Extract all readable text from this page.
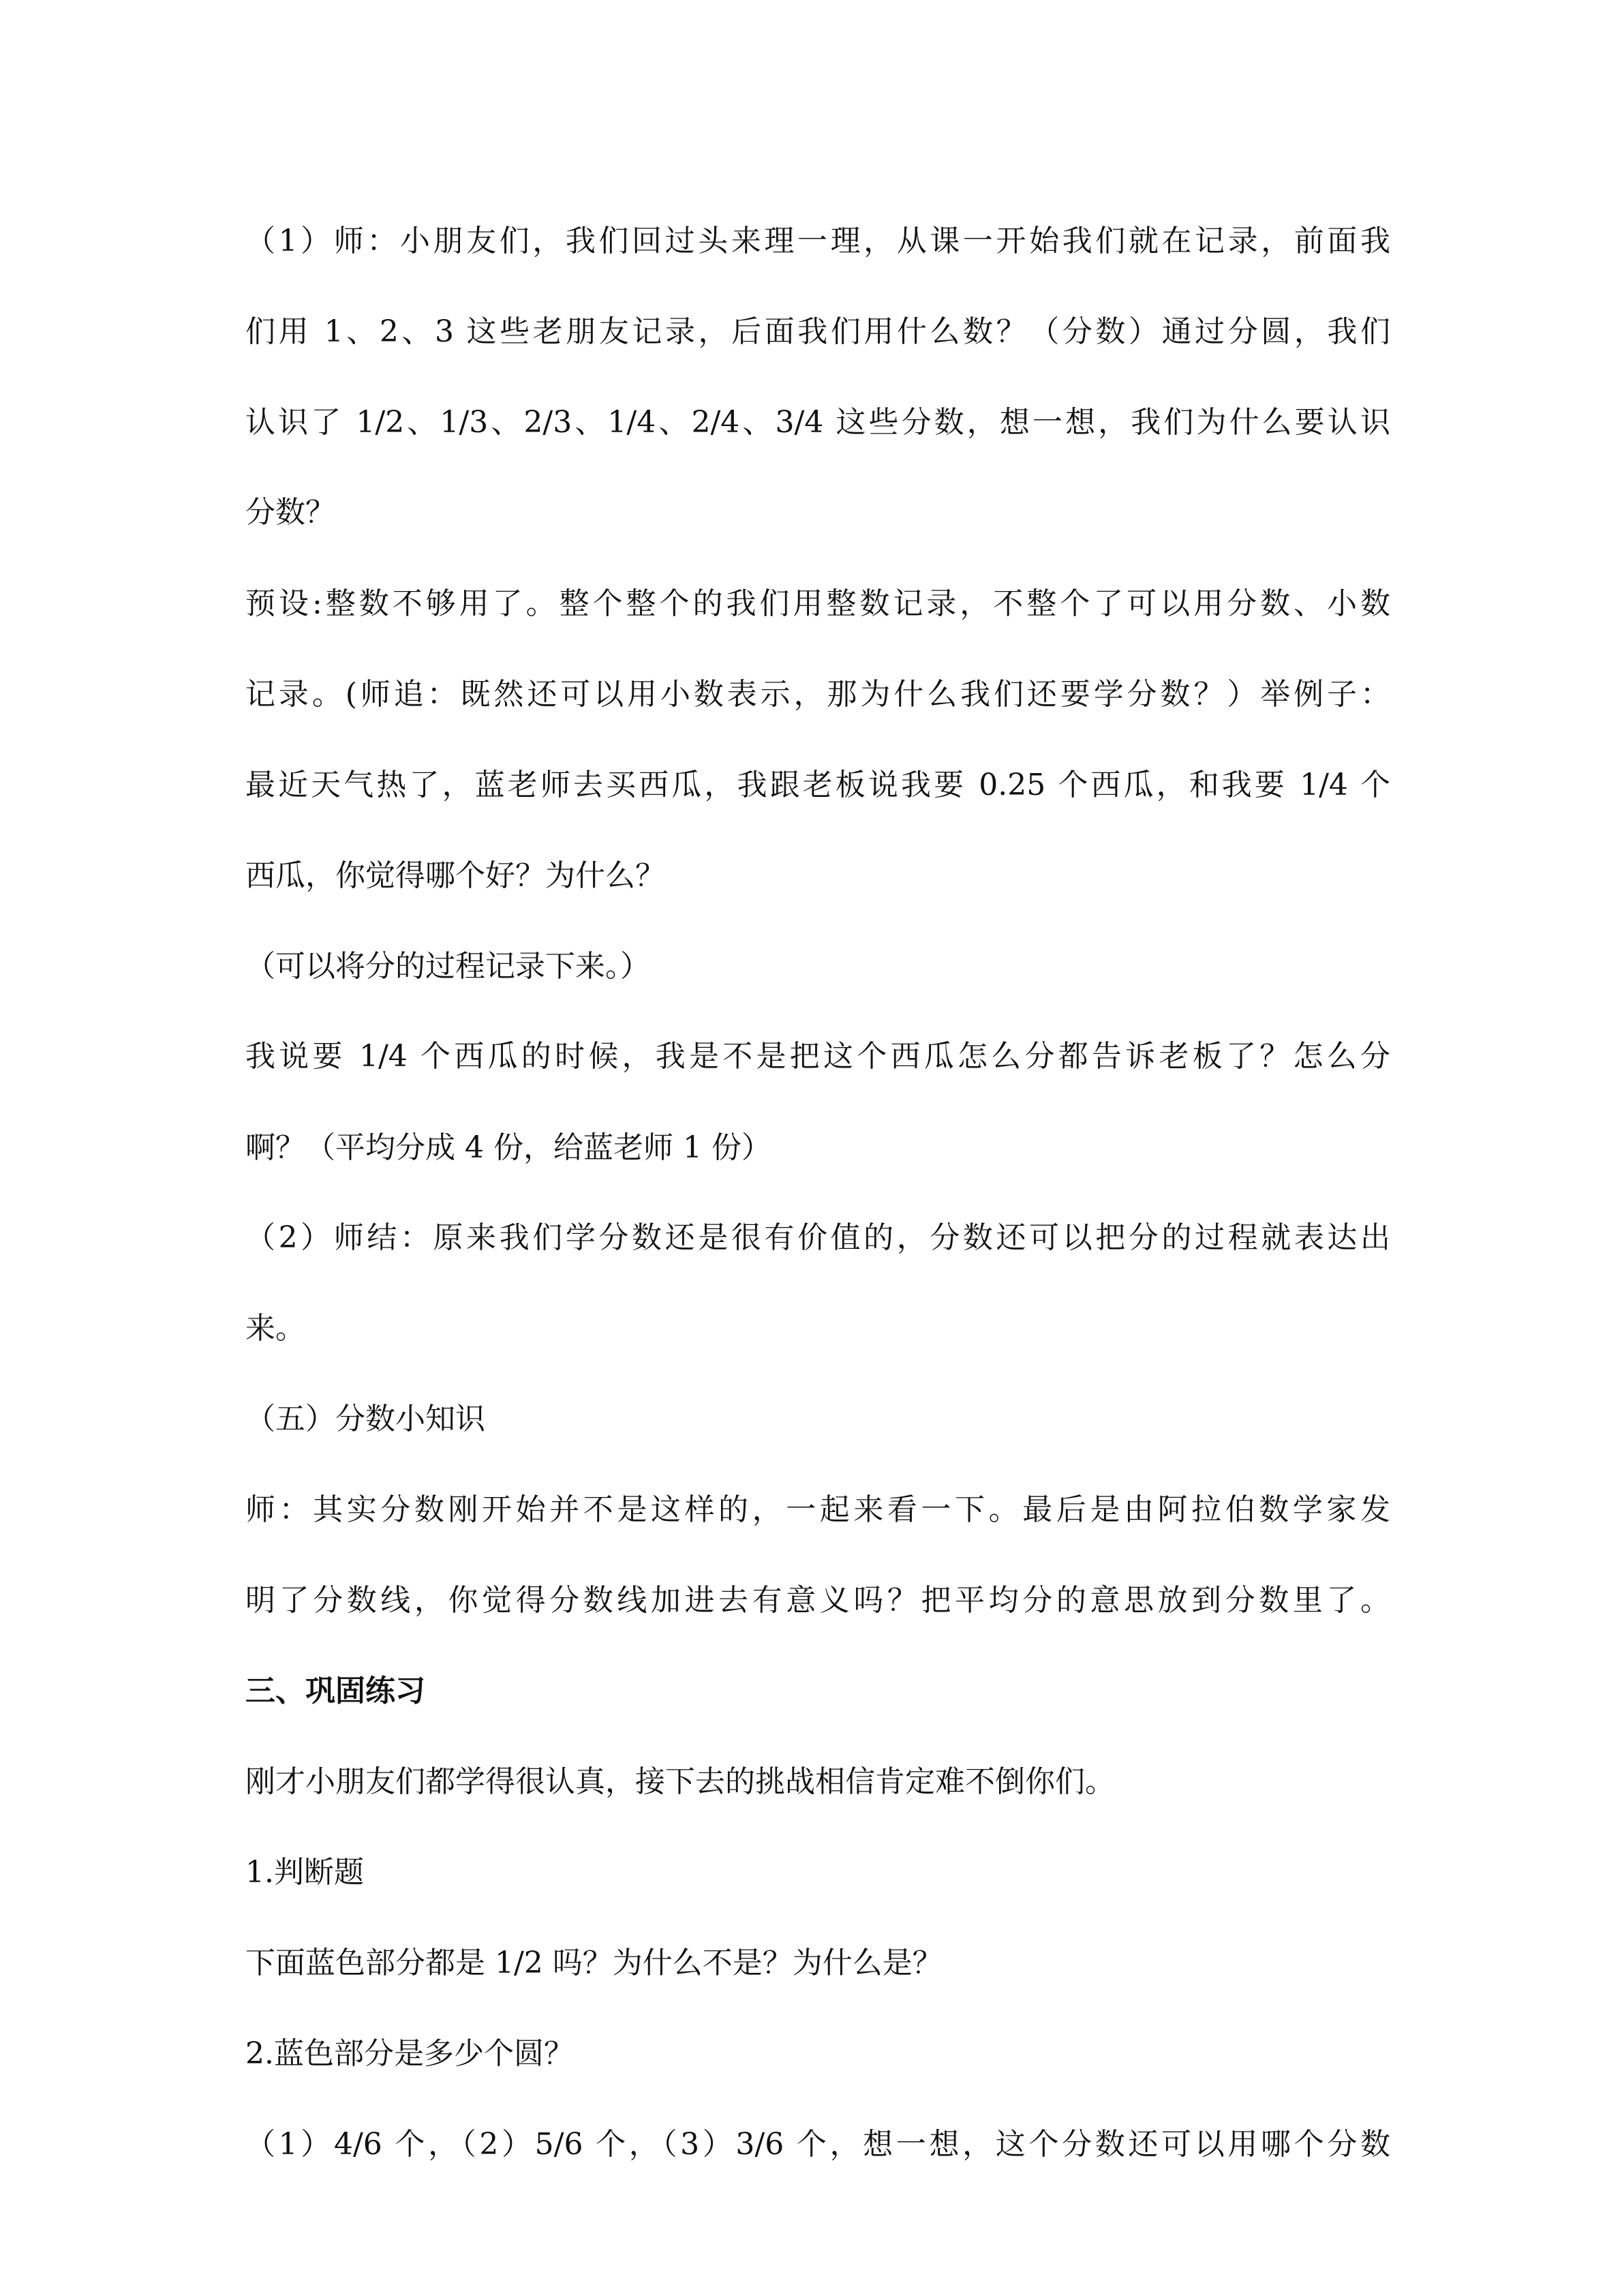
（1）师：小朋友们，我们回过头来理一理，从课一开始我们就在记录，前面我
们用 1、2、3 这些老朋友记录，后面我们用什么数？（分数）通过分圆，我们
认识了 1/2、1/3、2/3、1/4、2/4、3/4 这些分数，想一想，我们为什么要认识
分数？
预设:整数不够用了。整个整个的我们用整数记录，不整个了可以用分数、小数
记录。(师追：既然还可以用小数表示，那为什么我们还要学分数？）举例子：
最近天气热了，蓝老师去买西瓜，我跟老板说我要 0.25 个西瓜，和我要 1/4 个
西瓜，你觉得哪个好？为什么？
（可以将分的过程记录下来。）
我说要 1/4 个西瓜的时候，我是不是把这个西瓜怎么分都告诉老板了？怎么分
啊？（平均分成 4 份，给蓝老师 1 份）
（2）师结：原来我们学分数还是很有价值的，分数还可以把分的过程就表达出
来。
（五）分数小知识
师：其实分数刚开始并不是这样的，一起来看一下。最后是由阿拉伯数学家发
明了分数线，你觉得分数线加进去有意义吗？把平均分的意思放到分数里了。
三、巩固练习
刚才小朋友们都学得很认真，接下去的挑战相信肯定难不倒你们。
1.判断题
下面蓝色部分都是 1/2 吗？为什么不是？为什么是？
2.蓝色部分是多少个圆？
（1）4/6 个，（2）5/6 个，（3）3/6 个，想一想，这个分数还可以用哪个分数
